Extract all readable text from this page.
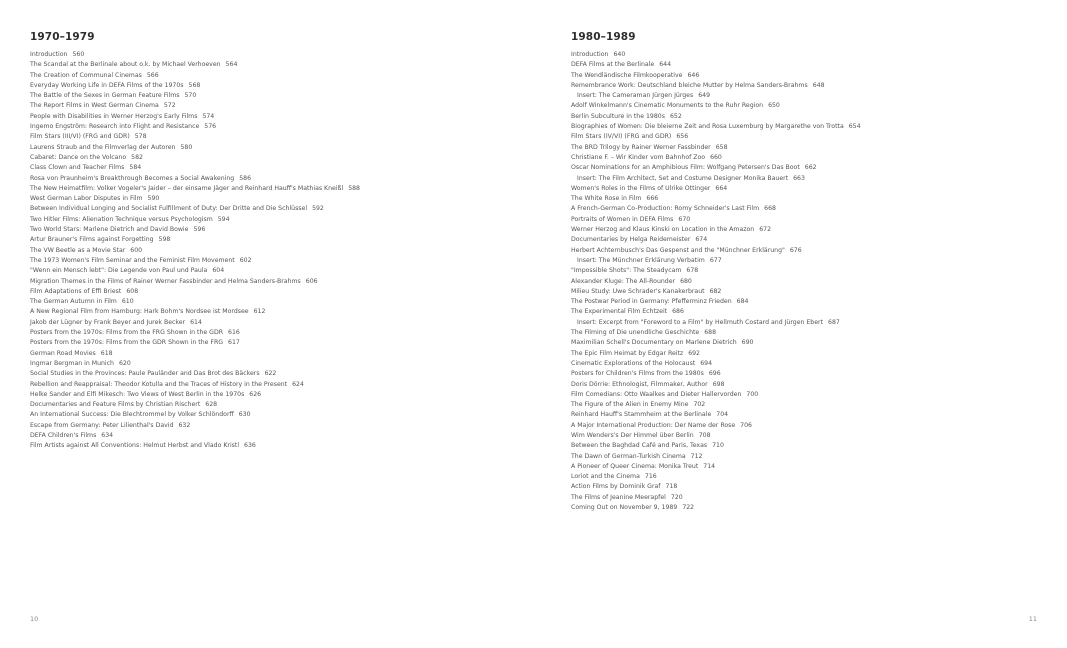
1970–1979
Introduction 560
The Scandal at the Berlinale about o.k. by Michael Verhoeven 564
The Creation of Communal Cinemas 566
Everyday Working Life in DEFA Films of the 1970s 568
The Battle of the Sexes in German Feature Films 570
The Report Films in West German Cinema 572
People with Disabilities in Werner Herzog's Early Films 574
Ingemo Engström: Research into Flight and Resistance 576
Film Stars (III/VI) (FRG and GDR) 578
Laurens Straub and the Filmverlag der Autoren 580
Cabaret: Dance on the Volcano 582
Class Clown and Teacher Films 584
Rosa von Praunheim's Breakthrough Becomes a Social Awakening 586
The New Heimatfilm: Volker Vogeler's Jaider – der einsame Jäger and Reinhard Hauff's Mathias Kneißl 588
West German Labor Disputes in Film 590
Between Individual Longing and Socialist Fulfillment of Duty: Der Dritte and Die Schlüssel 592
Two Hitler Films: Alienation Technique versus Psychologism 594
Two World Stars: Marlene Dietrich and David Bowie 596
Artur Brauner's Films against Forgetting 598
The VW Beetle as a Movie Star 600
The 1973 Women's Film Seminar and the Feminist Film Movement 602
"Wenn ein Mensch lebt": Die Legende von Paul und Paula 604
Migration Themes in the Films of Rainer Werner Fassbinder and Helma Sanders-Brahms 606
Film Adaptations of Effi Briest 608
The German Autumn in Film 610
A New Regional Film from Hamburg: Hark Bohm's Nordsee ist Mordsee 612
Jakob der Lügner by Frank Beyer and Jurek Becker 614
Posters from the 1970s: Films from the FRG Shown in the GDR 616
Posters from the 1970s: Films from the GDR Shown in the FRG 617
German Road Movies 618
Ingmar Bergman in Munich 620
Social Studies in the Provinces: Paule Pauländer and Das Brot des Bäckers 622
Rebellion and Reappraisal: Theodor Kotulla and the Traces of History in the Present 624
Helke Sander and Elfi Mikesch: Two Views of West Berlin in the 1970s 626
Documentaries and Feature Films by Christian Rischert 628
An International Success: Die Blechtrommel by Volker Schlöndorff 630
Escape from Germany: Peter Lilienthal's David 632
DEFA Children's Films 634
Film Artists against All Conventions: Helmut Herbst and Vlado Kristl 636
10
1980–1989
Introduction 640
DEFA Films at the Berlinale 644
The Wendländische Filmkooperative 646
Remembrance Work: Deutschland bleiche Mutter by Helma Sanders-Brahms 648
Insert: The Cameraman Jürgen Jürges 649
Adolf Winkelmann's Cinematic Monuments to the Ruhr Region 650
Berlin Subculture in the 1980s 652
Biographies of Women: Die bleierne Zeit and Rosa Luxemburg by Margarethe von Trotta 654
Film Stars (IV/VI) (FRG and GDR) 656
The BRD Trilogy by Rainer Werner Fassbinder 658
Christiane F. – Wir Kinder vom Bahnhof Zoo 660
Oscar Nominations for an Amphibious Film: Wolfgang Petersen's Das Boot 662
Insert: The Film Architect, Set and Costume Designer Monika Bauert 663
Women's Roles in the Films of Ulrike Ottinger 664
The White Rose in Film 666
A French-German Co-Production: Romy Schneider's Last Film 668
Portraits of Women in DEFA Films 670
Werner Herzog and Klaus Kinski on Location in the Amazon 672
Documentaries by Helga Reidemeister 674
Herbert Achternbusch's Das Gespenst and the "Münchner Erklärung" 676
Insert: The Münchner Erklärung Verbatim 677
"Impossible Shots": The Steadycam 678
Alexander Kluge: The All-Rounder 680
Milieu Study: Uwe Schrader's Kanakerbraut 682
The Postwar Period in Germany: Pfefferminz Frieden 684
The Experimental Film Echtzeit 686
Insert: Excerpt from "Foreword to a Film" by Hellmuth Costard and Jürgen Ebert 687
The Filming of Die unendliche Geschichte 688
Maximilian Schell's Documentary on Marlene Dietrich 690
The Epic Film Heimat by Edgar Reitz 692
Cinematic Explorations of the Holocaust 694
Posters for Children's Films from the 1980s 696
Doris Dörrie: Ethnologist, Filmmaker, Author 698
Film Comedians: Otto Waalkes and Dieter Hallervorden 700
The Figure of the Alien in Enemy Mine 702
Reinhard Hauff's Stammheim at the Berlinale 704
A Major International Production: Der Name der Rose 706
Wim Wenders's Der Himmel über Berlin 708
Between the Baghdad Café and Paris, Texas 710
The Dawn of German-Turkish Cinema 712
A Pioneer of Queer Cinema: Monika Treut 714
Loriot and the Cinema 716
Action Films by Dominik Graf 718
The Films of Jeanine Meerapfel 720
Coming Out on November 9, 1989 722
11
